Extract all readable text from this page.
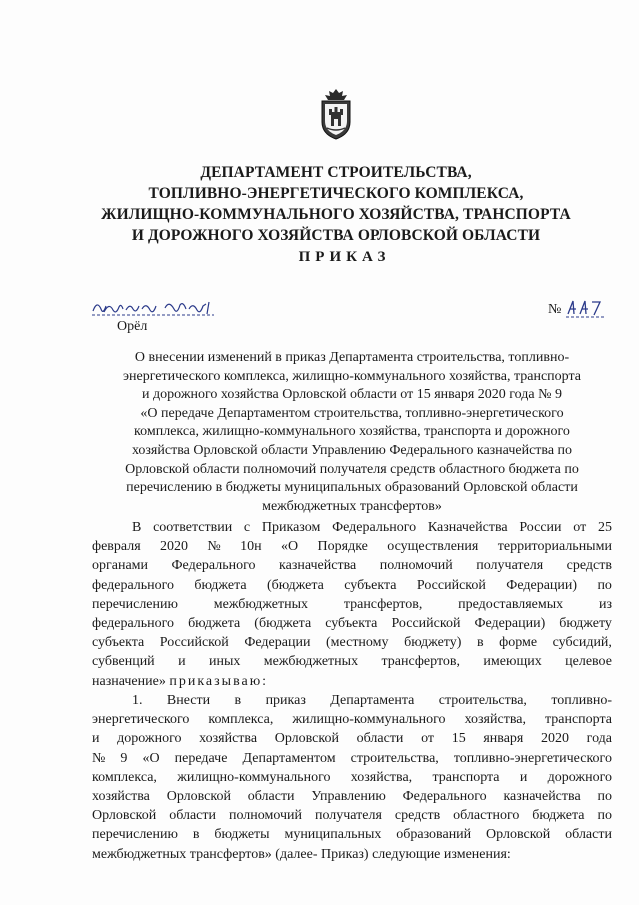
ДЕПАРТАМЕНТ СТРОИТЕЛЬСТВА,
ТОПЛИВНО-ЭНЕРГЕТИЧЕСКОГО КОМПЛЕКСА,
ЖИЛИЩНО-КОММУНАЛЬНОГО ХОЗЯЙСТВА, ТРАНСПОРТА
И ДОРОЖНОГО ХОЗЯЙСТВА ОРЛОВСКОЙ ОБЛАСТИ
ПРИКАЗ
Орёл
№
О внесении изменений в приказ Департамента строительства, топливно-
энергетического комплекса, жилищно-коммунального хозяйства, транспорта
и дорожного хозяйства Орловской области от 15 января 2020 года № 9
«О передаче Департаментом строительства, топливно-энергетического
комплекса, жилищно-коммунального хозяйства, транспорта и дорожного
хозяйства Орловской области Управлению Федерального казначейства по
Орловской области полномочий получателя средств областного бюджета по
перечислению в бюджеты муниципальных образований Орловской области
межбюджетных трансфертов»
В соответствии с Приказом Федерального Казначейства России от 25
февраля 2020 № 10н «О Порядке осуществления территориальными
органами Федерального казначейства полномочий получателя средств
федерального бюджета (бюджета субъекта Российской Федерации) по
перечислению	межбюджетных	трансфертов,	предоставляемых	из
федерального бюджета (бюджета субъекта Российской Федерации) бюджету
субъекта Российской Федерации (местному бюджету) в форме субсидий,
субвенций и иных межбюджетных трансфертов, имеющих целевое
назначение» приказываю:
1. Внести в приказ Департамента строительства, топливно-
энергетического комплекса, жилищно-коммунального хозяйства, транспорта
и дорожного хозяйства Орловской области от 15 января 2020 года
№ 9 «О передаче Департаментом строительства, топливно-энергетического
комплекса, жилищно-коммунального хозяйства, транспорта и дорожного
хозяйства Орловской области Управлению Федерального казначейства по
Орловской области полномочий получателя средств областного бюджета по
перечислению в бюджеты муниципальных образований Орловской области
межбюджетных трансфертов» (далее- Приказ) следующие изменения:
